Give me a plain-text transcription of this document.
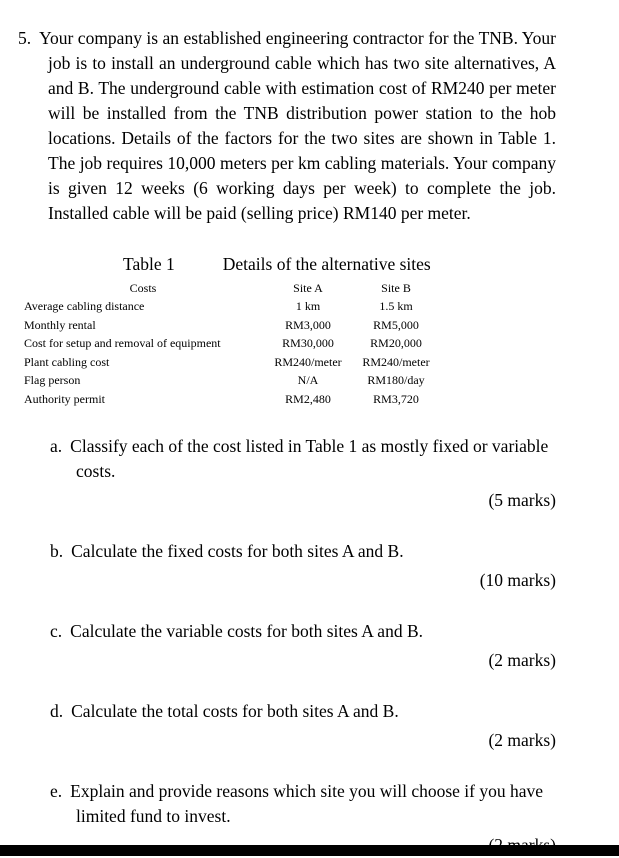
5. Your company is an established engineering contractor for the TNB. Your job is to install an underground cable which has two site alternatives, A and B. The underground cable with estimation cost of RM240 per meter will be installed from the TNB distribution power station to the hob locations. Details of the factors for the two sites are shown in Table 1. The job requires 10,000 meters per km cabling materials. Your company is given 12 weeks (6 working days per week) to complete the job. Installed cable will be paid (selling price) RM140 per meter.

Table 1	Details of the alternative sites
Costs	Site A	Site B
Average cabling distance	1 km	1.5 km
Monthly rental	RM3,000	RM5,000
Cost for setup and removal of equipment	RM30,000	RM20,000
Plant cabling cost	RM240/meter	RM240/meter
Flag person	N/A	RM180/day
Authority permit	RM2,480	RM3,720
a. Classify each of the cost listed in Table 1 as mostly fixed or variable costs.
(5 marks)
b. Calculate the fixed costs for both sites A and B.
(10 marks)
c. Calculate the variable costs for both sites A and B.
(2 marks)
d. Calculate the total costs for both sites A and B.
(2 marks)
e. Explain and provide reasons which site you will choose if you have limited fund to invest.
